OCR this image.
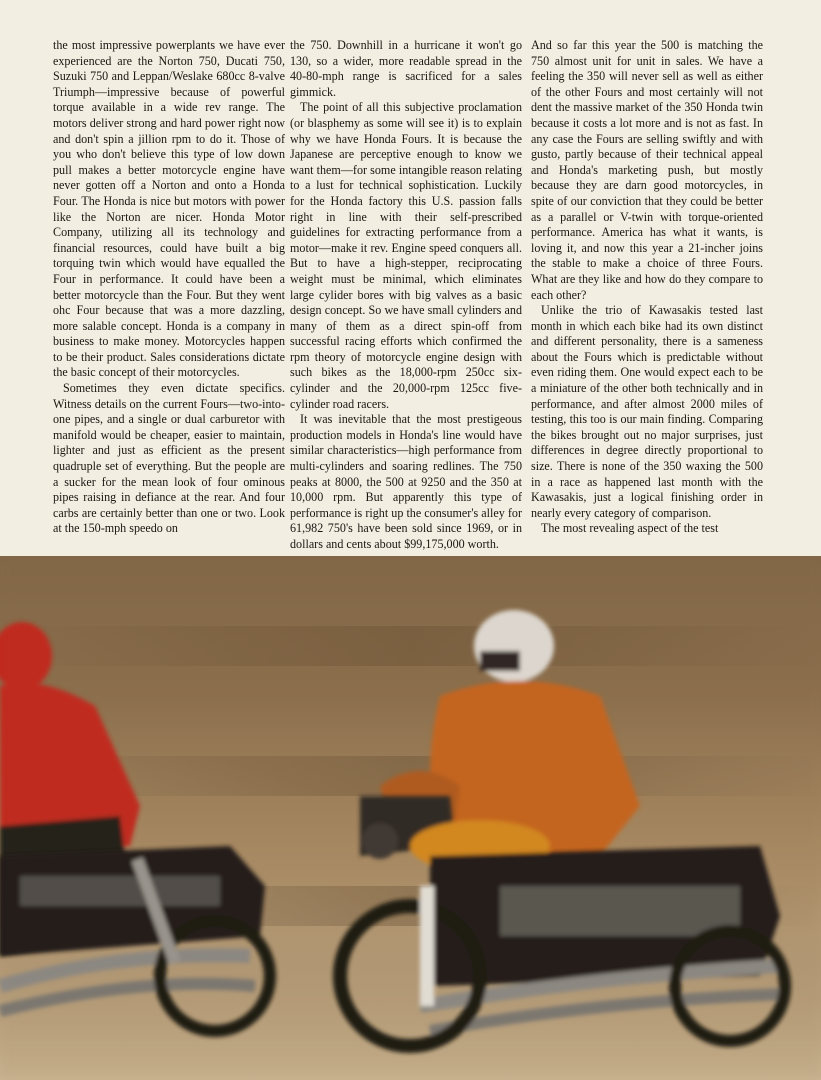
the most impressive powerplants we have ever experienced are the Norton 750, Ducati 750, Suzuki 750 and Leppan/Weslake 680cc 8-valve Triumph—impressive because of powerful torque available in a wide rev range. The motors deliver strong and hard power right now and don't spin a jillion rpm to do it. Those of you who don't believe this type of low down pull makes a better motorcycle engine have never gotten off a Norton and onto a Honda Four. The Honda is nice but motors with power like the Norton are nicer. Honda Motor Company, utilizing all its technology and financial resources, could have built a big torquing twin which would have equalled the Four in performance. It could have been a better motorcycle than the Four. But they went ohc Four because that was a more dazzling, more salable concept. Honda is a company in business to make money. Motorcycles happen to be their product. Sales considerations dictate the basic concept of their motorcycles.

Sometimes they even dictate specifics. Witness details on the current Fours—two-into-one pipes, and a single or dual carburetor with manifold would be cheaper, easier to maintain, lighter and just as efficient as the present quadruple set of everything. But the people are a sucker for the mean look of four ominous pipes raising in defiance at the rear. And four carbs are certainly better than one or two. Look at the 150-mph speedo on

the 750. Downhill in a hurricane it won't go 130, so a wider, more readable spread in the 40-80-mph range is sacrificed for a sales gimmick.

The point of all this subjective proclamation (or blasphemy as some will see it) is to explain why we have Honda Fours. It is because the Japanese are perceptive enough to know we want them—for some intangible reason relating to a lust for technical sophistication. Luckily for the Honda factory this U.S. passion falls right in line with their self-prescribed guidelines for extracting performance from a motor—make it rev. Engine speed conquers all. But to have a high-stepper, reciprocating weight must be minimal, which eliminates large cylider bores with big valves as a basic design concept. So we have small cylinders and many of them as a direct spin-off from successful racing efforts which confirmed the rpm theory of motorcycle engine design with such bikes as the 18,000-rpm 250cc six-cylinder and the 20,000-rpm 125cc five-cylinder road racers.

It was inevitable that the most prestigeous production models in Honda's line would have similar characteristics—high performance from multi-cylinders and soaring redlines. The 750 peaks at 8000, the 500 at 9250 and the 350 at 10,000 rpm. But apparently this type of performance is right up the consumer's alley for 61,982 750's have been sold since 1969, or in dollars and cents about $99,175,000 worth.

And so far this year the 500 is matching the 750 almost unit for unit in sales. We have a feeling the 350 will never sell as well as either of the other Fours and most certainly will not dent the massive market of the 350 Honda twin because it costs a lot more and is not as fast. In any case the Fours are selling swiftly and with gusto, partly because of their technical appeal and Honda's marketing push, but mostly because they are darn good motorcycles, in spite of our conviction that they could be better as a parallel or V-twin with torque-oriented performance. America has what it wants, is loving it, and now this year a 21-incher joins the stable to make a choice of three Fours. What are they like and how do they compare to each other?

Unlike the trio of Kawasakis tested last month in which each bike had its own distinct and different personality, there is a sameness about the Fours which is predictable without even riding them. One would expect each to be a miniature of the other both technically and in performance, and after almost 2000 miles of testing, this too is our main finding. Comparing the bikes brought out no major surprises, just differences in degree directly proportional to size. There is none of the 350 waxing the 500 in a race as happened last month with the Kawasakis, just a logical finishing order in nearly every category of comparison.

The most revealing aspect of the test
